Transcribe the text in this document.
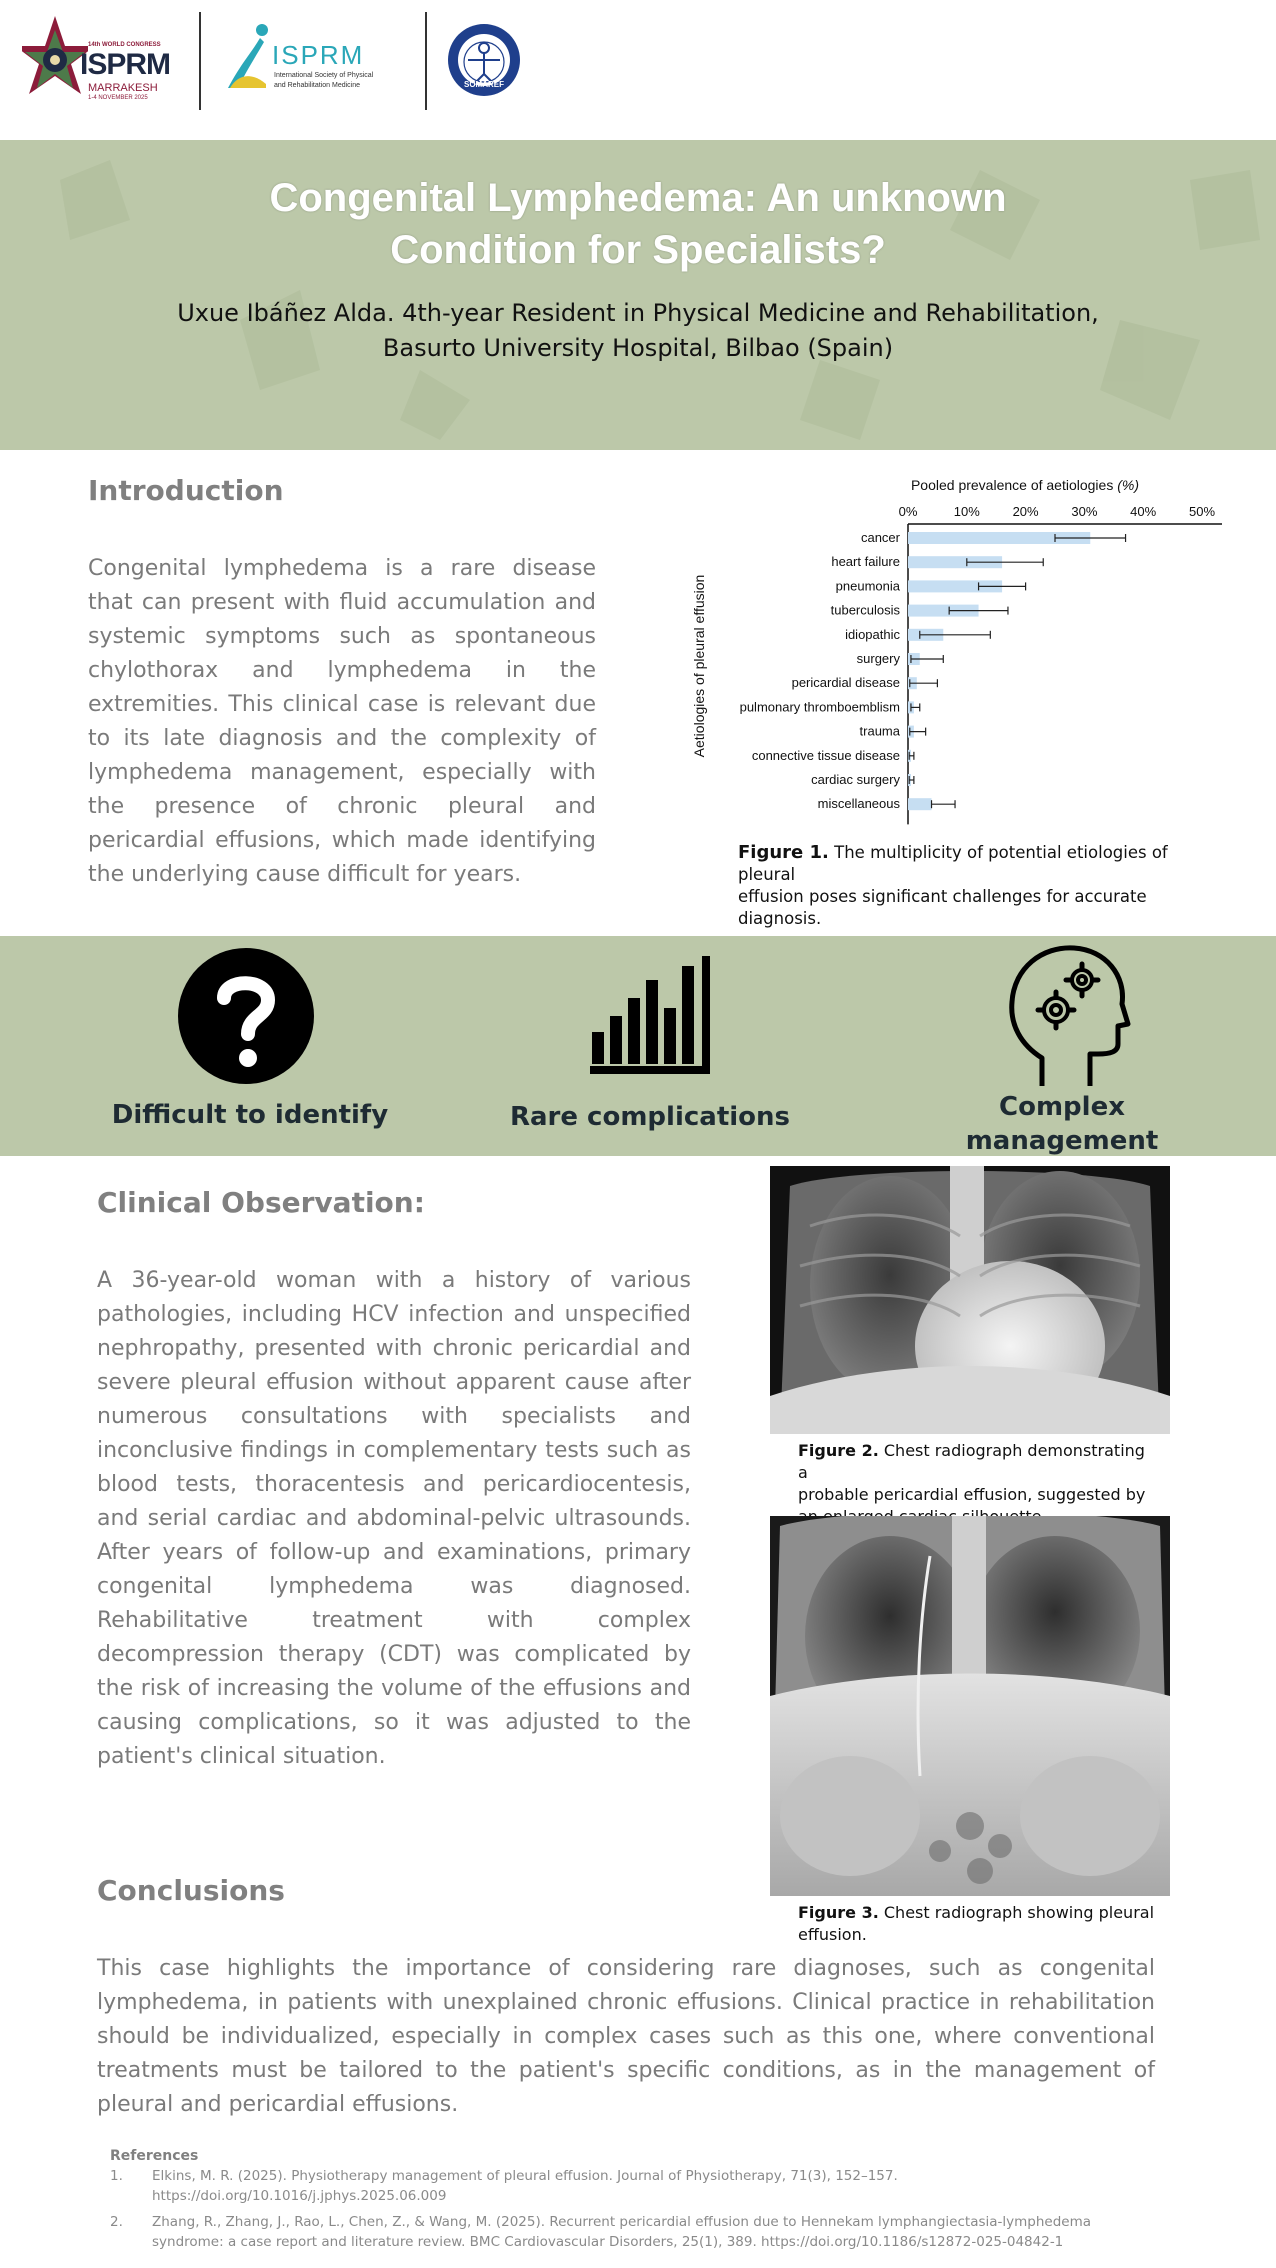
14th WORLD CONGRESS
ISPRM
MARRAKESH
1-4 NOVEMBER 2025
ISPRM
International Society of Physical
and Rehabilitation Medicine	SOMAREF
Congenital Lymphedema: An unknown
Condition for Specialists?
Uxue Ibáñez Alda. 4th-year Resident in Physical Medicine and Rehabilitation,
Basurto University Hospital, Bilbao (Spain)
Introduction
Congenital lymphedema is a rare disease that can present with fluid accumulation and systemic symptoms such as spontaneous chylothorax and lymphedema in the extremities. This clinical case is relevant due to its late diagnosis and the complexity of lymphedema management, especially with the presence of chronic pleural and pericardial effusions, which made identifying the underlying cause difficult for years.
Pooled prevalence of aetiologies (%)
Aetiologies of pleural effusion
0%	10%	20%	30%	40%	50%
cancer
heart failure
pneumonia
tuberculosis
idiopathic
surgery
pericardial disease
pulmonary thromboemblism
trauma
connective tissue disease
cardiac surgery
miscellaneous
Figure 1. The multiplicity of potential etiologies of pleural
effusion poses significant challenges for accurate diagnosis.
Difficult to identify	Rare complications	Complex
management
Clinical Observation:
A 36-year-old woman with a history of various pathologies, including HCV infection and unspecified nephropathy, presented with chronic pericardial and severe pleural effusion without apparent cause after numerous consultations with specialists and inconclusive findings in complementary tests such as blood tests, thoracentesis and pericardiocentesis, and serial cardiac and abdominal-pelvic ultrasounds. After years of follow-up and examinations, primary congenital lymphedema was diagnosed. Rehabilitative treatment with complex decompression therapy (CDT) was complicated by the risk of increasing the volume of the effusions and causing complications, so it was adjusted to the patient's clinical situation.
Figure 2. Chest radiograph demonstrating a
probable pericardial effusion, suggested by
Figure 3. Chest radiograph showing pleural
effusion.
Conclusions
This case highlights the importance of considering rare diagnoses, such as congenital lymphedema, in patients with unexplained chronic effusions. Clinical practice in rehabilitation should be individualized, especially in complex cases such as this one, where conventional treatments must be tailored to the patient's specific conditions, as in the management of pleural and pericardial effusions.
References
1. Elkins, M. R. (2025). Physiotherapy management of pleural effusion. Journal of Physiotherapy, 71(3), 152–157.
https://doi.org/10.1016/j.jphys.2025.06.009
2. Zhang, R., Zhang, J., Rao, L., Chen, Z., & Wang, M. (2025). Recurrent pericardial effusion due to Hennekam lymphangiectasia-lymphedema
syndrome: a case report and literature review. BMC Cardiovascular Disorders, 25(1), 389. https://doi.org/10.1186/s12872-025-04842-1
